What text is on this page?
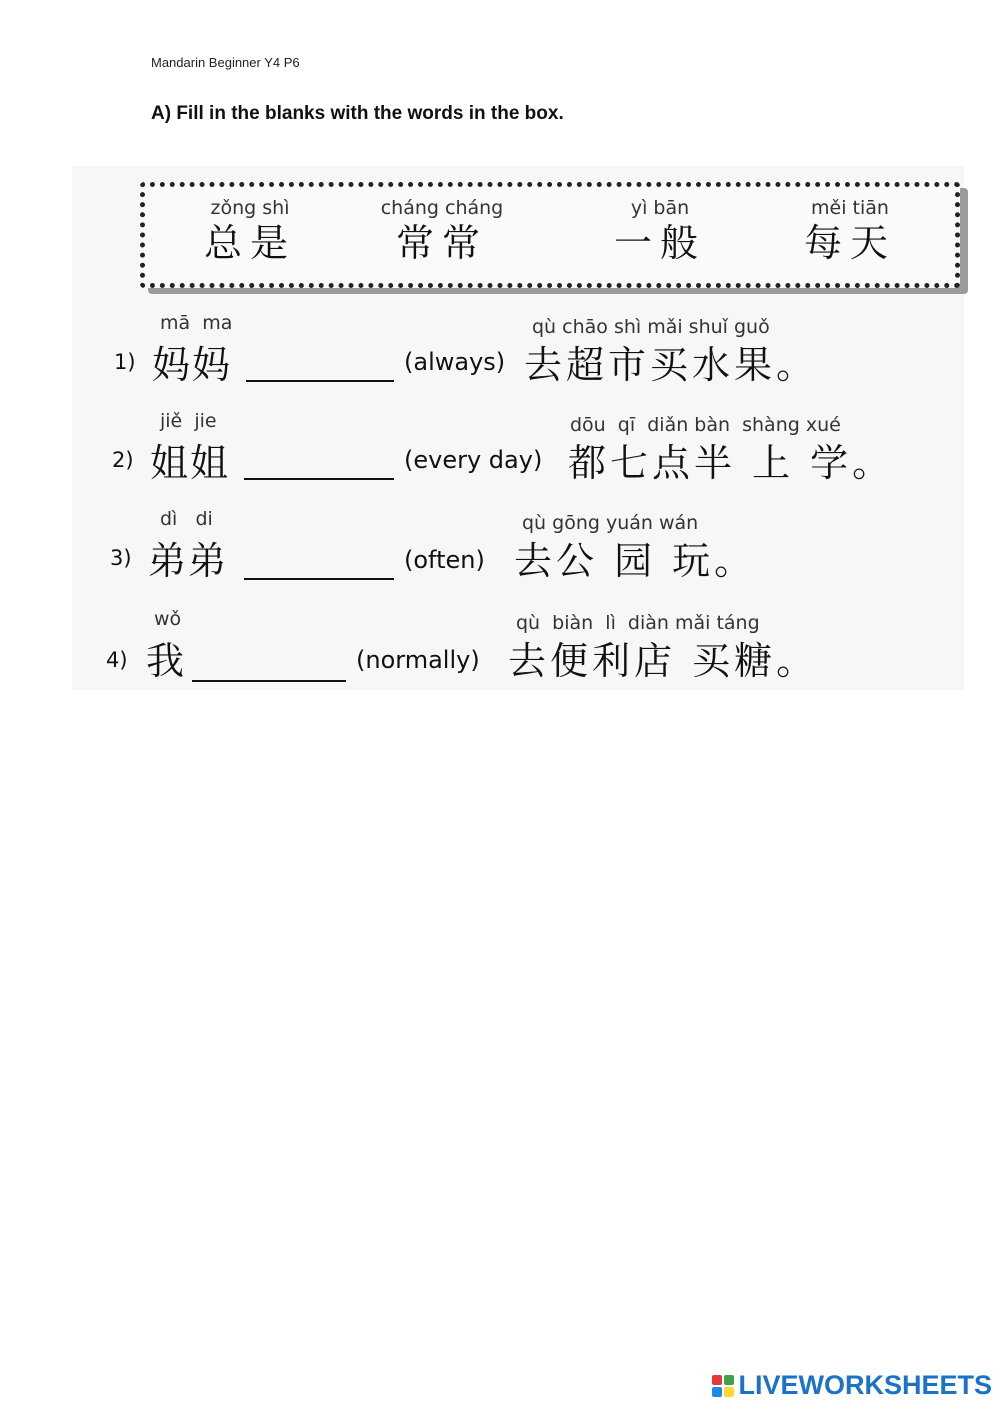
Mandarin Beginner Y4 P6
A) Fill in the blanks with the words in the box.
zǒng shì
总是
cháng cháng
常常
yì bān
一般
měi tiān
每天
mā  ma	qù chāo shì mǎi shuǐ guǒ
1) 妈妈	(always) 去超市买水果。
jiě  jie	dōu  qī  diǎn bàn  shàng xué
2) 姐姐	(every day) 都七点半 上 学。
dì   di	qù gōng yuán wán
3) 弟弟	(often) 去公 园 玩。
wǒ	qù  biàn  lì  diàn mǎi táng
4) 我	(normally) 去便利店 买糖。
LIVEWORKSHEETS
